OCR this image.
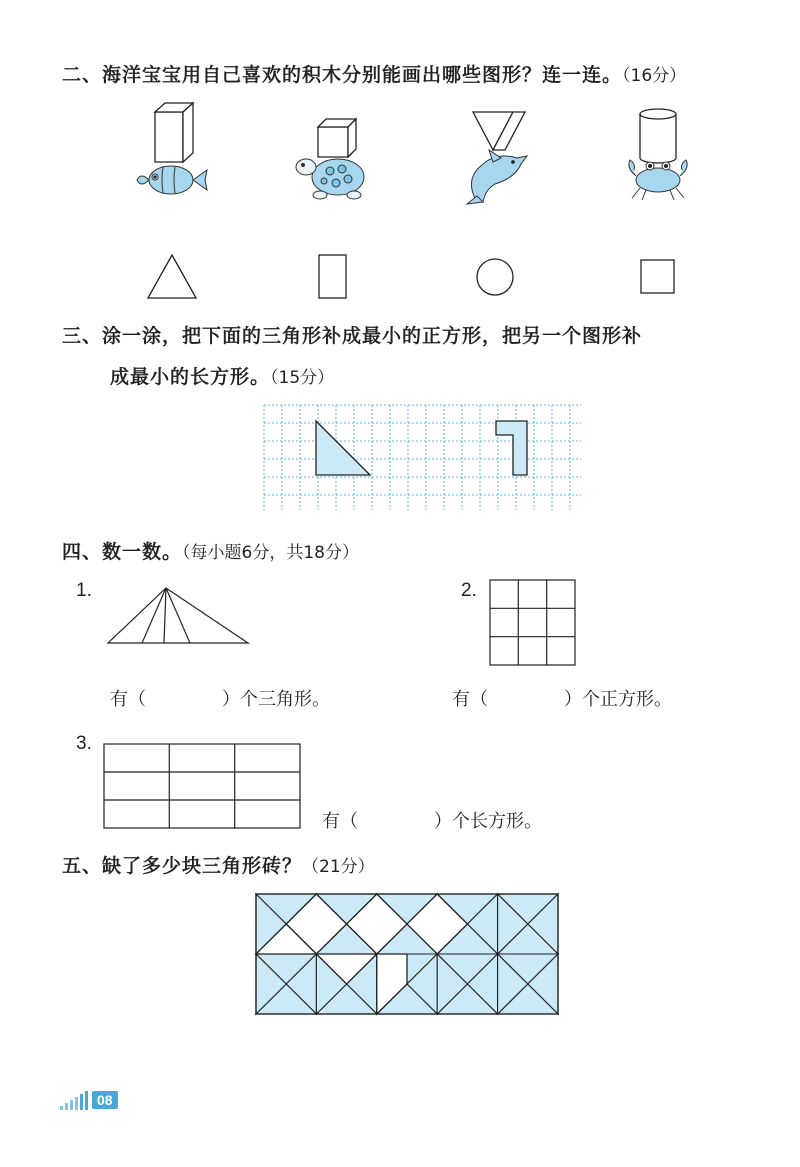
二、海洋宝宝用自己喜欢的积木分别能画出哪些图形？连一连。（16分）
三、涂一涂，把下面的三角形补成最小的正方形，把另一个图形补
成最小的长方形。（15分）
四、数一数。（每小题6分，共18分）
1.	2.
有（	）个三角形。	有（	）个正方形。
3.
有（	）个长方形。
五、缺了多少块三角形砖？（21分）
08
